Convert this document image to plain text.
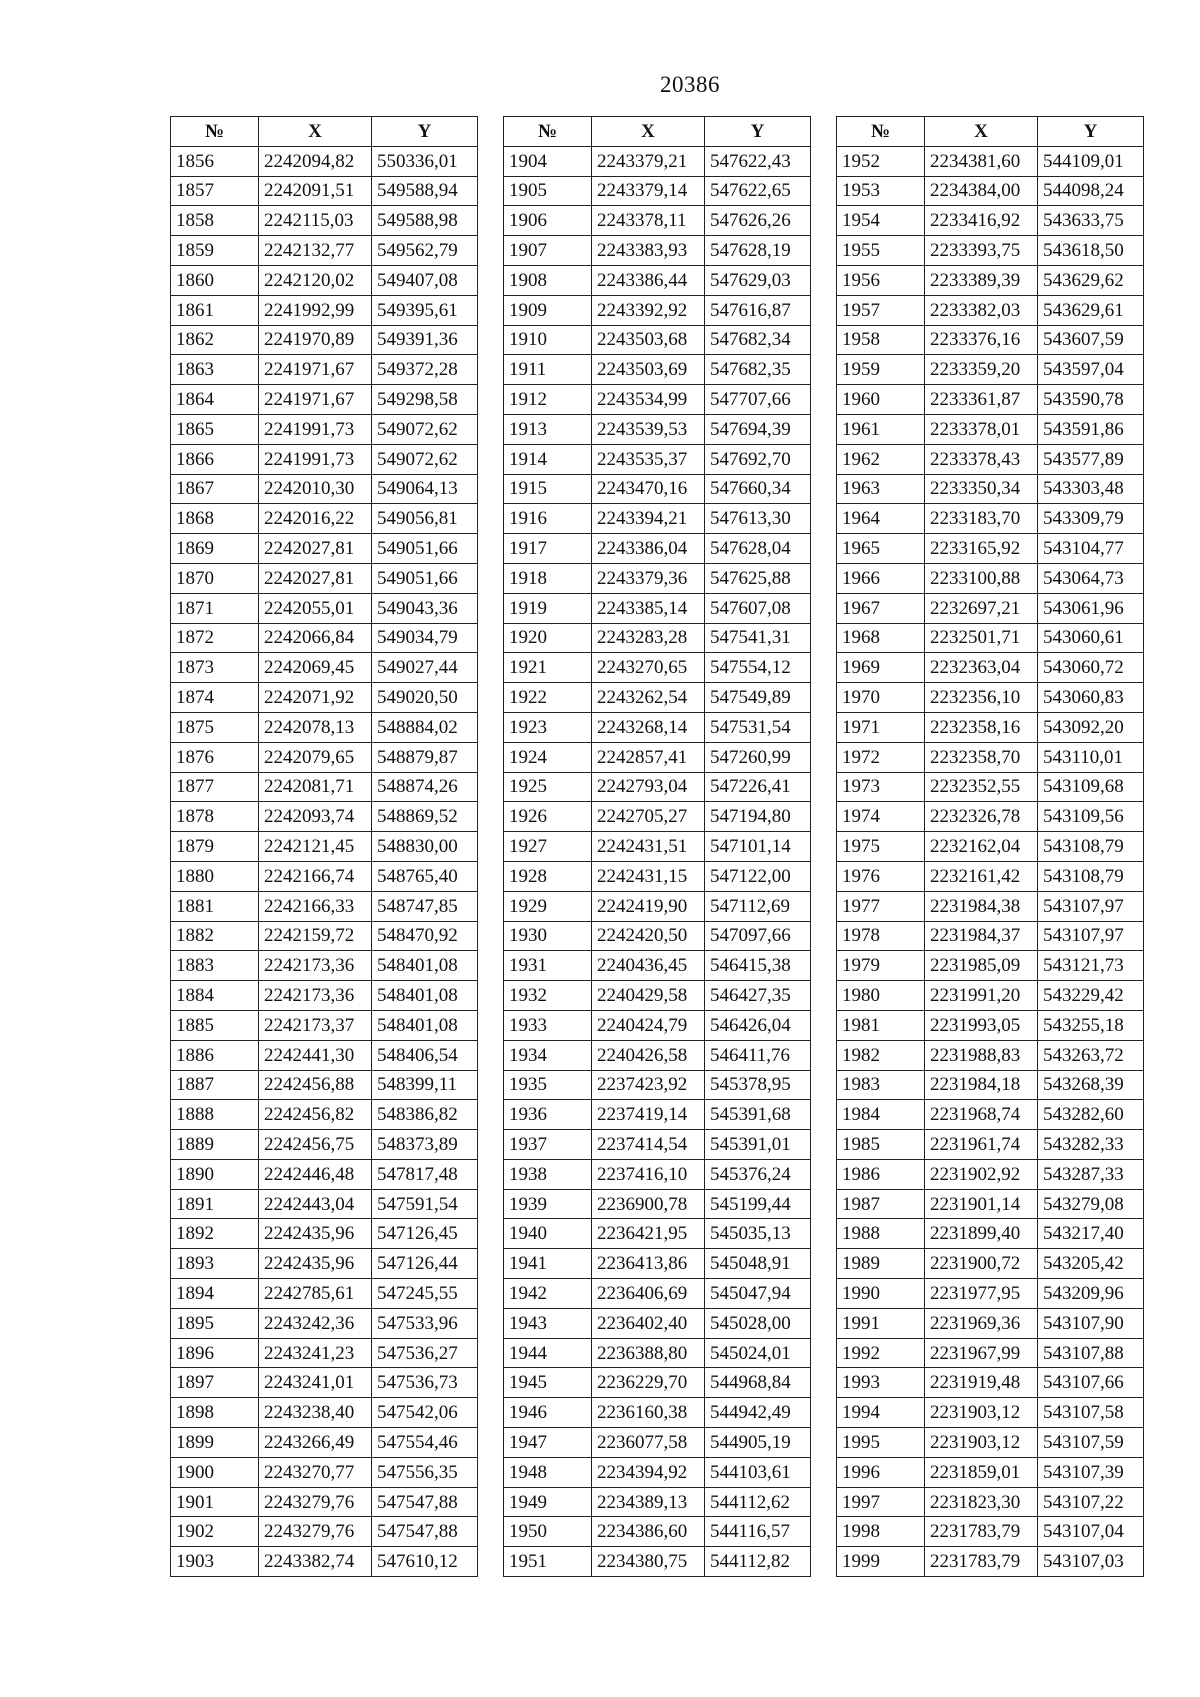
20386
№	X	Y
1856	2242094,82	550336,01
1857	2242091,51	549588,94
1858	2242115,03	549588,98
1859	2242132,77	549562,79
1860	2242120,02	549407,08
1861	2241992,99	549395,61
1862	2241970,89	549391,36
1863	2241971,67	549372,28
1864	2241971,67	549298,58
1865	2241991,73	549072,62
1866	2241991,73	549072,62
1867	2242010,30	549064,13
1868	2242016,22	549056,81
1869	2242027,81	549051,66
1870	2242027,81	549051,66
1871	2242055,01	549043,36
1872	2242066,84	549034,79
1873	2242069,45	549027,44
1874	2242071,92	549020,50
1875	2242078,13	548884,02
1876	2242079,65	548879,87
1877	2242081,71	548874,26
1878	2242093,74	548869,52
1879	2242121,45	548830,00
1880	2242166,74	548765,40
1881	2242166,33	548747,85
1882	2242159,72	548470,92
1883	2242173,36	548401,08
1884	2242173,36	548401,08
1885	2242173,37	548401,08
1886	2242441,30	548406,54
1887	2242456,88	548399,11
1888	2242456,82	548386,82
1889	2242456,75	548373,89
1890	2242446,48	547817,48
1891	2242443,04	547591,54
1892	2242435,96	547126,45
1893	2242435,96	547126,44
1894	2242785,61	547245,55
1895	2243242,36	547533,96
1896	2243241,23	547536,27
1897	2243241,01	547536,73
1898	2243238,40	547542,06
1899	2243266,49	547554,46
1900	2243270,77	547556,35
1901	2243279,76	547547,88
1902	2243279,76	547547,88
1903	2243382,74	547610,12
№	X	Y
1904	2243379,21	547622,43
1905	2243379,14	547622,65
1906	2243378,11	547626,26
1907	2243383,93	547628,19
1908	2243386,44	547629,03
1909	2243392,92	547616,87
1910	2243503,68	547682,34
1911	2243503,69	547682,35
1912	2243534,99	547707,66
1913	2243539,53	547694,39
1914	2243535,37	547692,70
1915	2243470,16	547660,34
1916	2243394,21	547613,30
1917	2243386,04	547628,04
1918	2243379,36	547625,88
1919	2243385,14	547607,08
1920	2243283,28	547541,31
1921	2243270,65	547554,12
1922	2243262,54	547549,89
1923	2243268,14	547531,54
1924	2242857,41	547260,99
1925	2242793,04	547226,41
1926	2242705,27	547194,80
1927	2242431,51	547101,14
1928	2242431,15	547122,00
1929	2242419,90	547112,69
1930	2242420,50	547097,66
1931	2240436,45	546415,38
1932	2240429,58	546427,35
1933	2240424,79	546426,04
1934	2240426,58	546411,76
1935	2237423,92	545378,95
1936	2237419,14	545391,68
1937	2237414,54	545391,01
1938	2237416,10	545376,24
1939	2236900,78	545199,44
1940	2236421,95	545035,13
1941	2236413,86	545048,91
1942	2236406,69	545047,94
1943	2236402,40	545028,00
1944	2236388,80	545024,01
1945	2236229,70	544968,84
1946	2236160,38	544942,49
1947	2236077,58	544905,19
1948	2234394,92	544103,61
1949	2234389,13	544112,62
1950	2234386,60	544116,57
1951	2234380,75	544112,82
№	X	Y
1952	2234381,60	544109,01
1953	2234384,00	544098,24
1954	2233416,92	543633,75
1955	2233393,75	543618,50
1956	2233389,39	543629,62
1957	2233382,03	543629,61
1958	2233376,16	543607,59
1959	2233359,20	543597,04
1960	2233361,87	543590,78
1961	2233378,01	543591,86
1962	2233378,43	543577,89
1963	2233350,34	543303,48
1964	2233183,70	543309,79
1965	2233165,92	543104,77
1966	2233100,88	543064,73
1967	2232697,21	543061,96
1968	2232501,71	543060,61
1969	2232363,04	543060,72
1970	2232356,10	543060,83
1971	2232358,16	543092,20
1972	2232358,70	543110,01
1973	2232352,55	543109,68
1974	2232326,78	543109,56
1975	2232162,04	543108,79
1976	2232161,42	543108,79
1977	2231984,38	543107,97
1978	2231984,37	543107,97
1979	2231985,09	543121,73
1980	2231991,20	543229,42
1981	2231993,05	543255,18
1982	2231988,83	543263,72
1983	2231984,18	543268,39
1984	2231968,74	543282,60
1985	2231961,74	543282,33
1986	2231902,92	543287,33
1987	2231901,14	543279,08
1988	2231899,40	543217,40
1989	2231900,72	543205,42
1990	2231977,95	543209,96
1991	2231969,36	543107,90
1992	2231967,99	543107,88
1993	2231919,48	543107,66
1994	2231903,12	543107,58
1995	2231903,12	543107,59
1996	2231859,01	543107,39
1997	2231823,30	543107,22
1998	2231783,79	543107,04
1999	2231783,79	543107,03
